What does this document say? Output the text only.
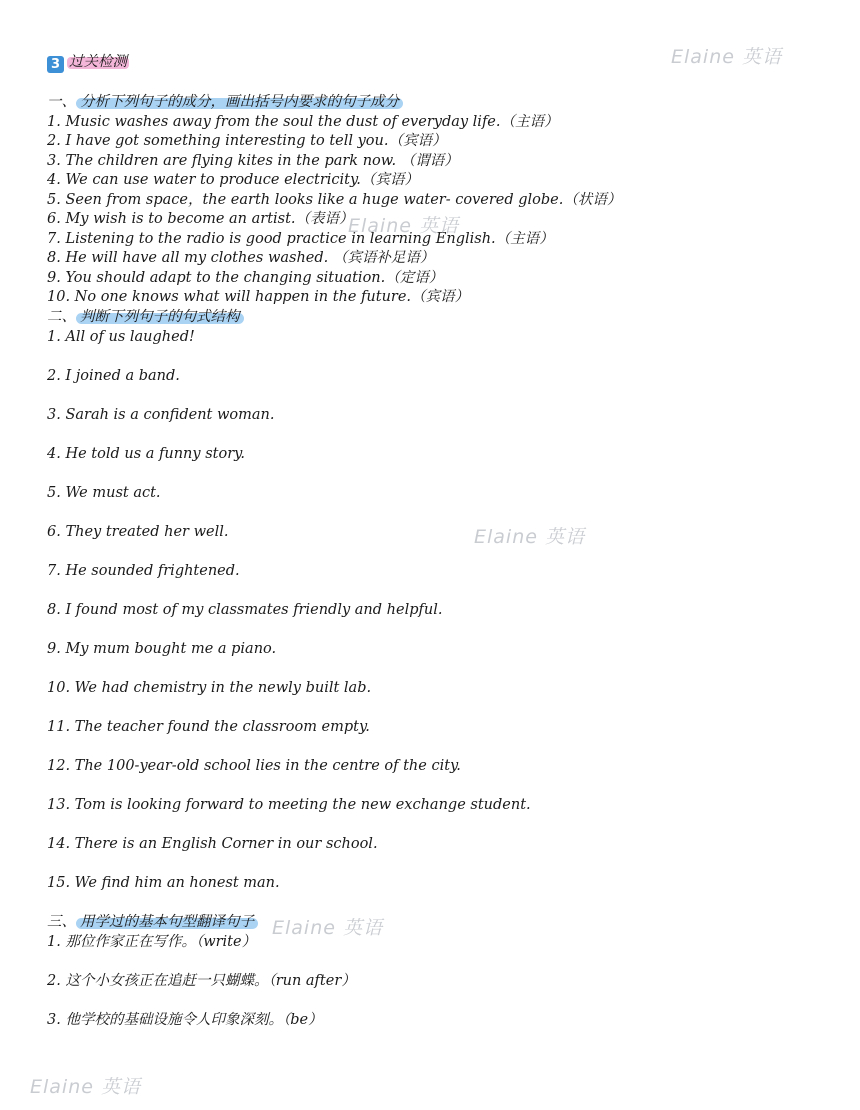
3 过关检测
一、 分析下列句子的成分，画出括号内要求的句子成分
1. Music washes away from the soul the dust of everyday life.（主语）
2. I have got something interesting to tell you.（宾语）
3. The children are flying kites in the park now. （谓语）
4. We can use water to produce electricity.（宾语）
5. Seen from space，the earth looks like a huge water- covered globe.（状语）
6. My wish is to become an artist.（表语）
7. Listening to the radio is good practice in learning English.（主语）
8. He will have all my clothes washed. （宾语补足语）
9. You should adapt to the changing situation.（定语）
10. No one knows what will happen in the future.（宾语）
二、 判断下列句子的句式结构
1. All of us laughed!
2. I joined a band.
3. Sarah is a confident woman.
4. He told us a funny story.
5. We must act.
6. They treated her well.
7. He sounded frightened.
8. I found most of my classmates friendly and helpful.
9. My mum bought me a piano.
10. We had chemistry in the newly built lab.
11. The teacher found the classroom empty.
12. The 100-year-old school lies in the centre of the city.
13. Tom is looking forward to meeting the new exchange student.
14. There is an English Corner in our school.
15. We find him an honest man.
三、 用学过的基本句型翻译句子
1. 那位作家正在写作。（write）
2. 这个小女孩正在追赶一只蝴蝶。（run after）
3. 他学校的基础设施令人印象深刻。（be）
Elaine 英语
Elaine 英语
Elaine 英语
Elaine 英语
Elaine 英语
